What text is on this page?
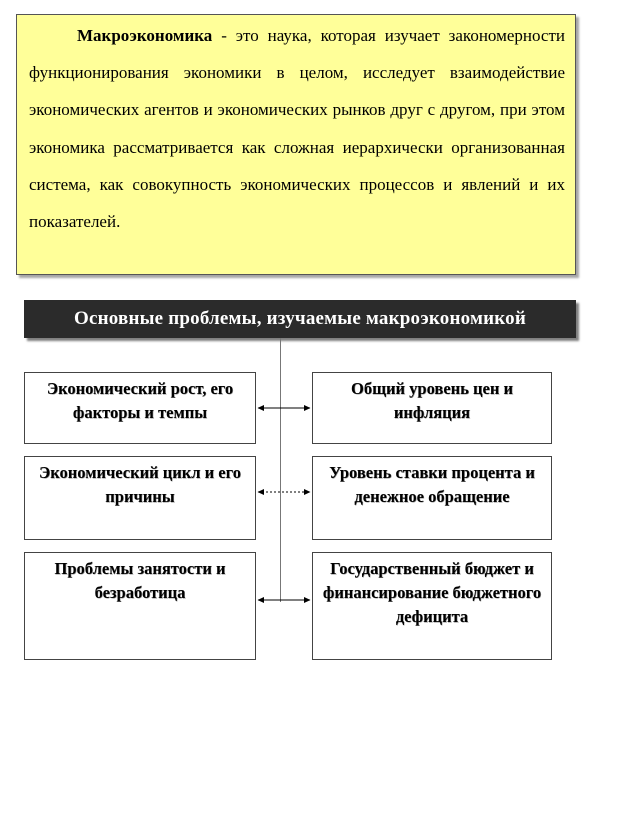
Макроэкономика - это наука, которая изучает закономерности функционирования экономики в целом, исследует взаимодействие экономических агентов и экономических рынков друг с другом, при этом экономика рассматривается как сложная иерархически организованная система, как совокупность экономических процессов и явлений и их показателей.
Основные проблемы, изучаемые макроэкономикой
Экономический рост, его факторы и темпы
Экономический цикл и его причины
Проблемы занятости и безработица
Общий уровень цен и инфляция
Уровень ставки процента и денежное обращение
Государственный бюджет и финансирование бюджетного дефицита
